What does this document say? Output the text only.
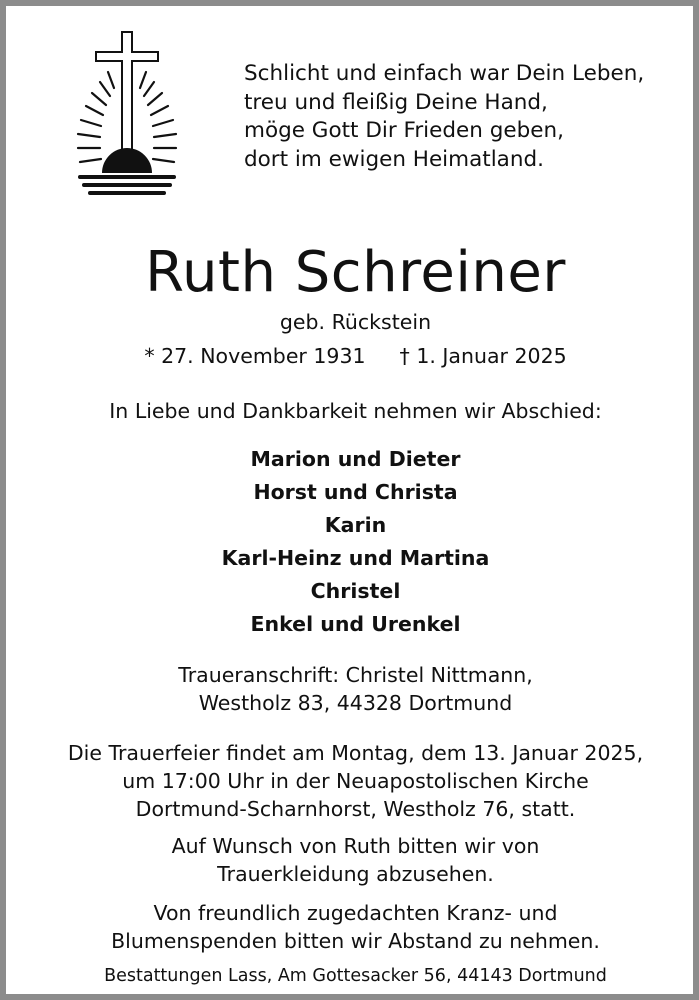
Schlicht und einfach war Dein Leben,
treu und fleißig Deine Hand,
möge Gott Dir Frieden geben,
dort im ewigen Heimatland.
Ruth Schreiner
geb. Rückstein
* 27. November 1931 † 1. Januar 2025
In Liebe und Dankbarkeit nehmen wir Abschied:
Marion und Dieter
Horst und Christa
Karin
Karl-Heinz und Martina
Christel
Enkel und Urenkel
Traueranschrift: Christel Nittmann,
Westholz 83, 44328 Dortmund
Die Trauerfeier findet am Montag, dem 13. Januar 2025,
um 17:00 Uhr in der Neuapostolischen Kirche
Dortmund-Scharnhorst, Westholz 76, statt.
Auf Wunsch von Ruth bitten wir von
Trauerkleidung abzusehen.
Von freundlich zugedachten Kranz- und
Blumenspenden bitten wir Abstand zu nehmen.
Bestattungen Lass, Am Gottesacker 56, 44143 Dortmund
